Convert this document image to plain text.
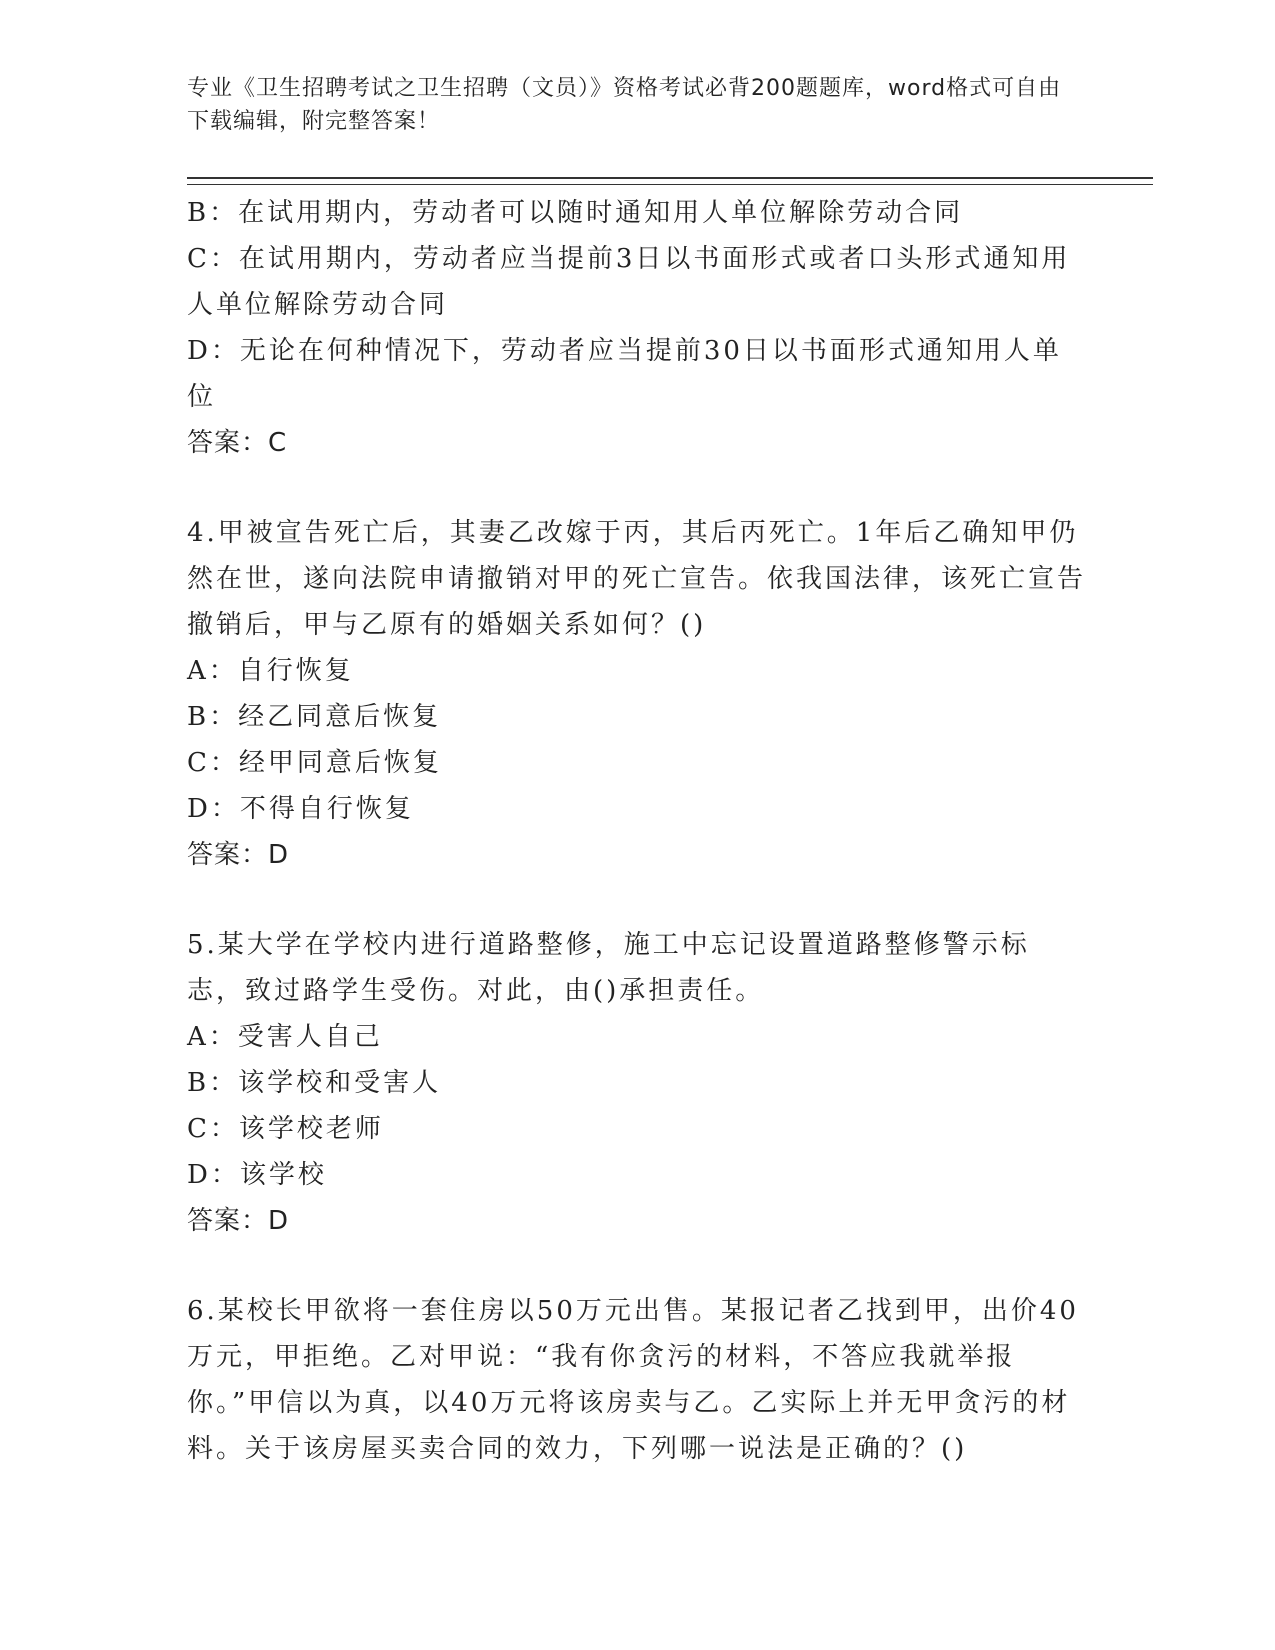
专业《卫生招聘考试之卫生招聘（文员）》资格考试必背200题题库，word格式可自由下载编辑，附完整答案！
B：在试用期内，劳动者可以随时通知用人单位解除劳动合同
C：在试用期内，劳动者应当提前3日以书面形式或者口头形式通知用人单位解除劳动合同
D：无论在何种情况下，劳动者应当提前30日以书面形式通知用人单位
答案：C
4.甲被宣告死亡后，其妻乙改嫁于丙，其后丙死亡。1年后乙确知甲仍然在世，遂向法院申请撤销对甲的死亡宣告。依我国法律，该死亡宣告撤销后，甲与乙原有的婚姻关系如何？()
A：自行恢复
B：经乙同意后恢复
C：经甲同意后恢复
D：不得自行恢复
答案：D
5.某大学在学校内进行道路整修，施工中忘记设置道路整修警示标志，致过路学生受伤。对此，由()承担责任。
A：受害人自己
B：该学校和受害人
C：该学校老师
D：该学校
答案：D
6.某校长甲欲将一套住房以50万元出售。某报记者乙找到甲，出价40万元，甲拒绝。乙对甲说：“我有你贪污的材料，不答应我就举报你。”甲信以为真，以40万元将该房卖与乙。乙实际上并无甲贪污的材料。关于该房屋买卖合同的效力，下列哪一说法是正确的？()
